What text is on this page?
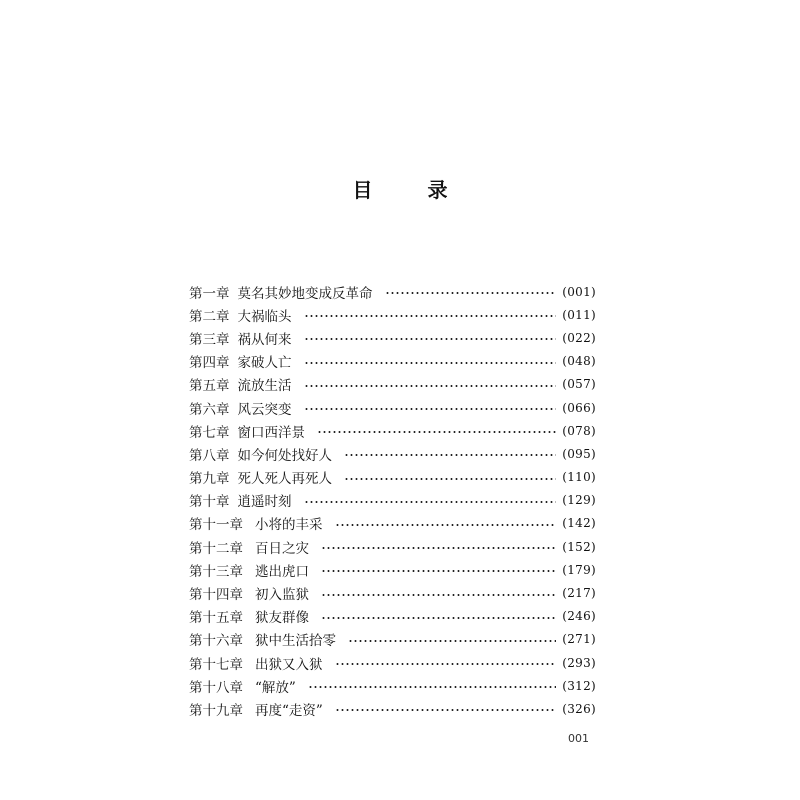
目 录
第一章 莫名其妙地变成反革命	(001)
第二章 大祸临头	(011)
第三章 祸从何来	(022)
第四章 家破人亡	(048)
第五章 流放生活	(057)
第六章 风云突变	(066)
第七章 窗口西洋景	(078)
第八章 如今何处找好人	(095)
第九章 死人死人再死人	(110)
第十章 逍遥时刻	(129)
第十一章 小将的丰采	(142)
第十二章 百日之灾	(152)
第十三章 逃出虎口	(179)
第十四章 初入监狱	(217)
第十五章 狱友群像	(246)
第十六章 狱中生活拾零	(271)
第十七章 出狱又入狱	(293)
第十八章 “解放”	(312)
第十九章 再度“走资”	(326)
001
